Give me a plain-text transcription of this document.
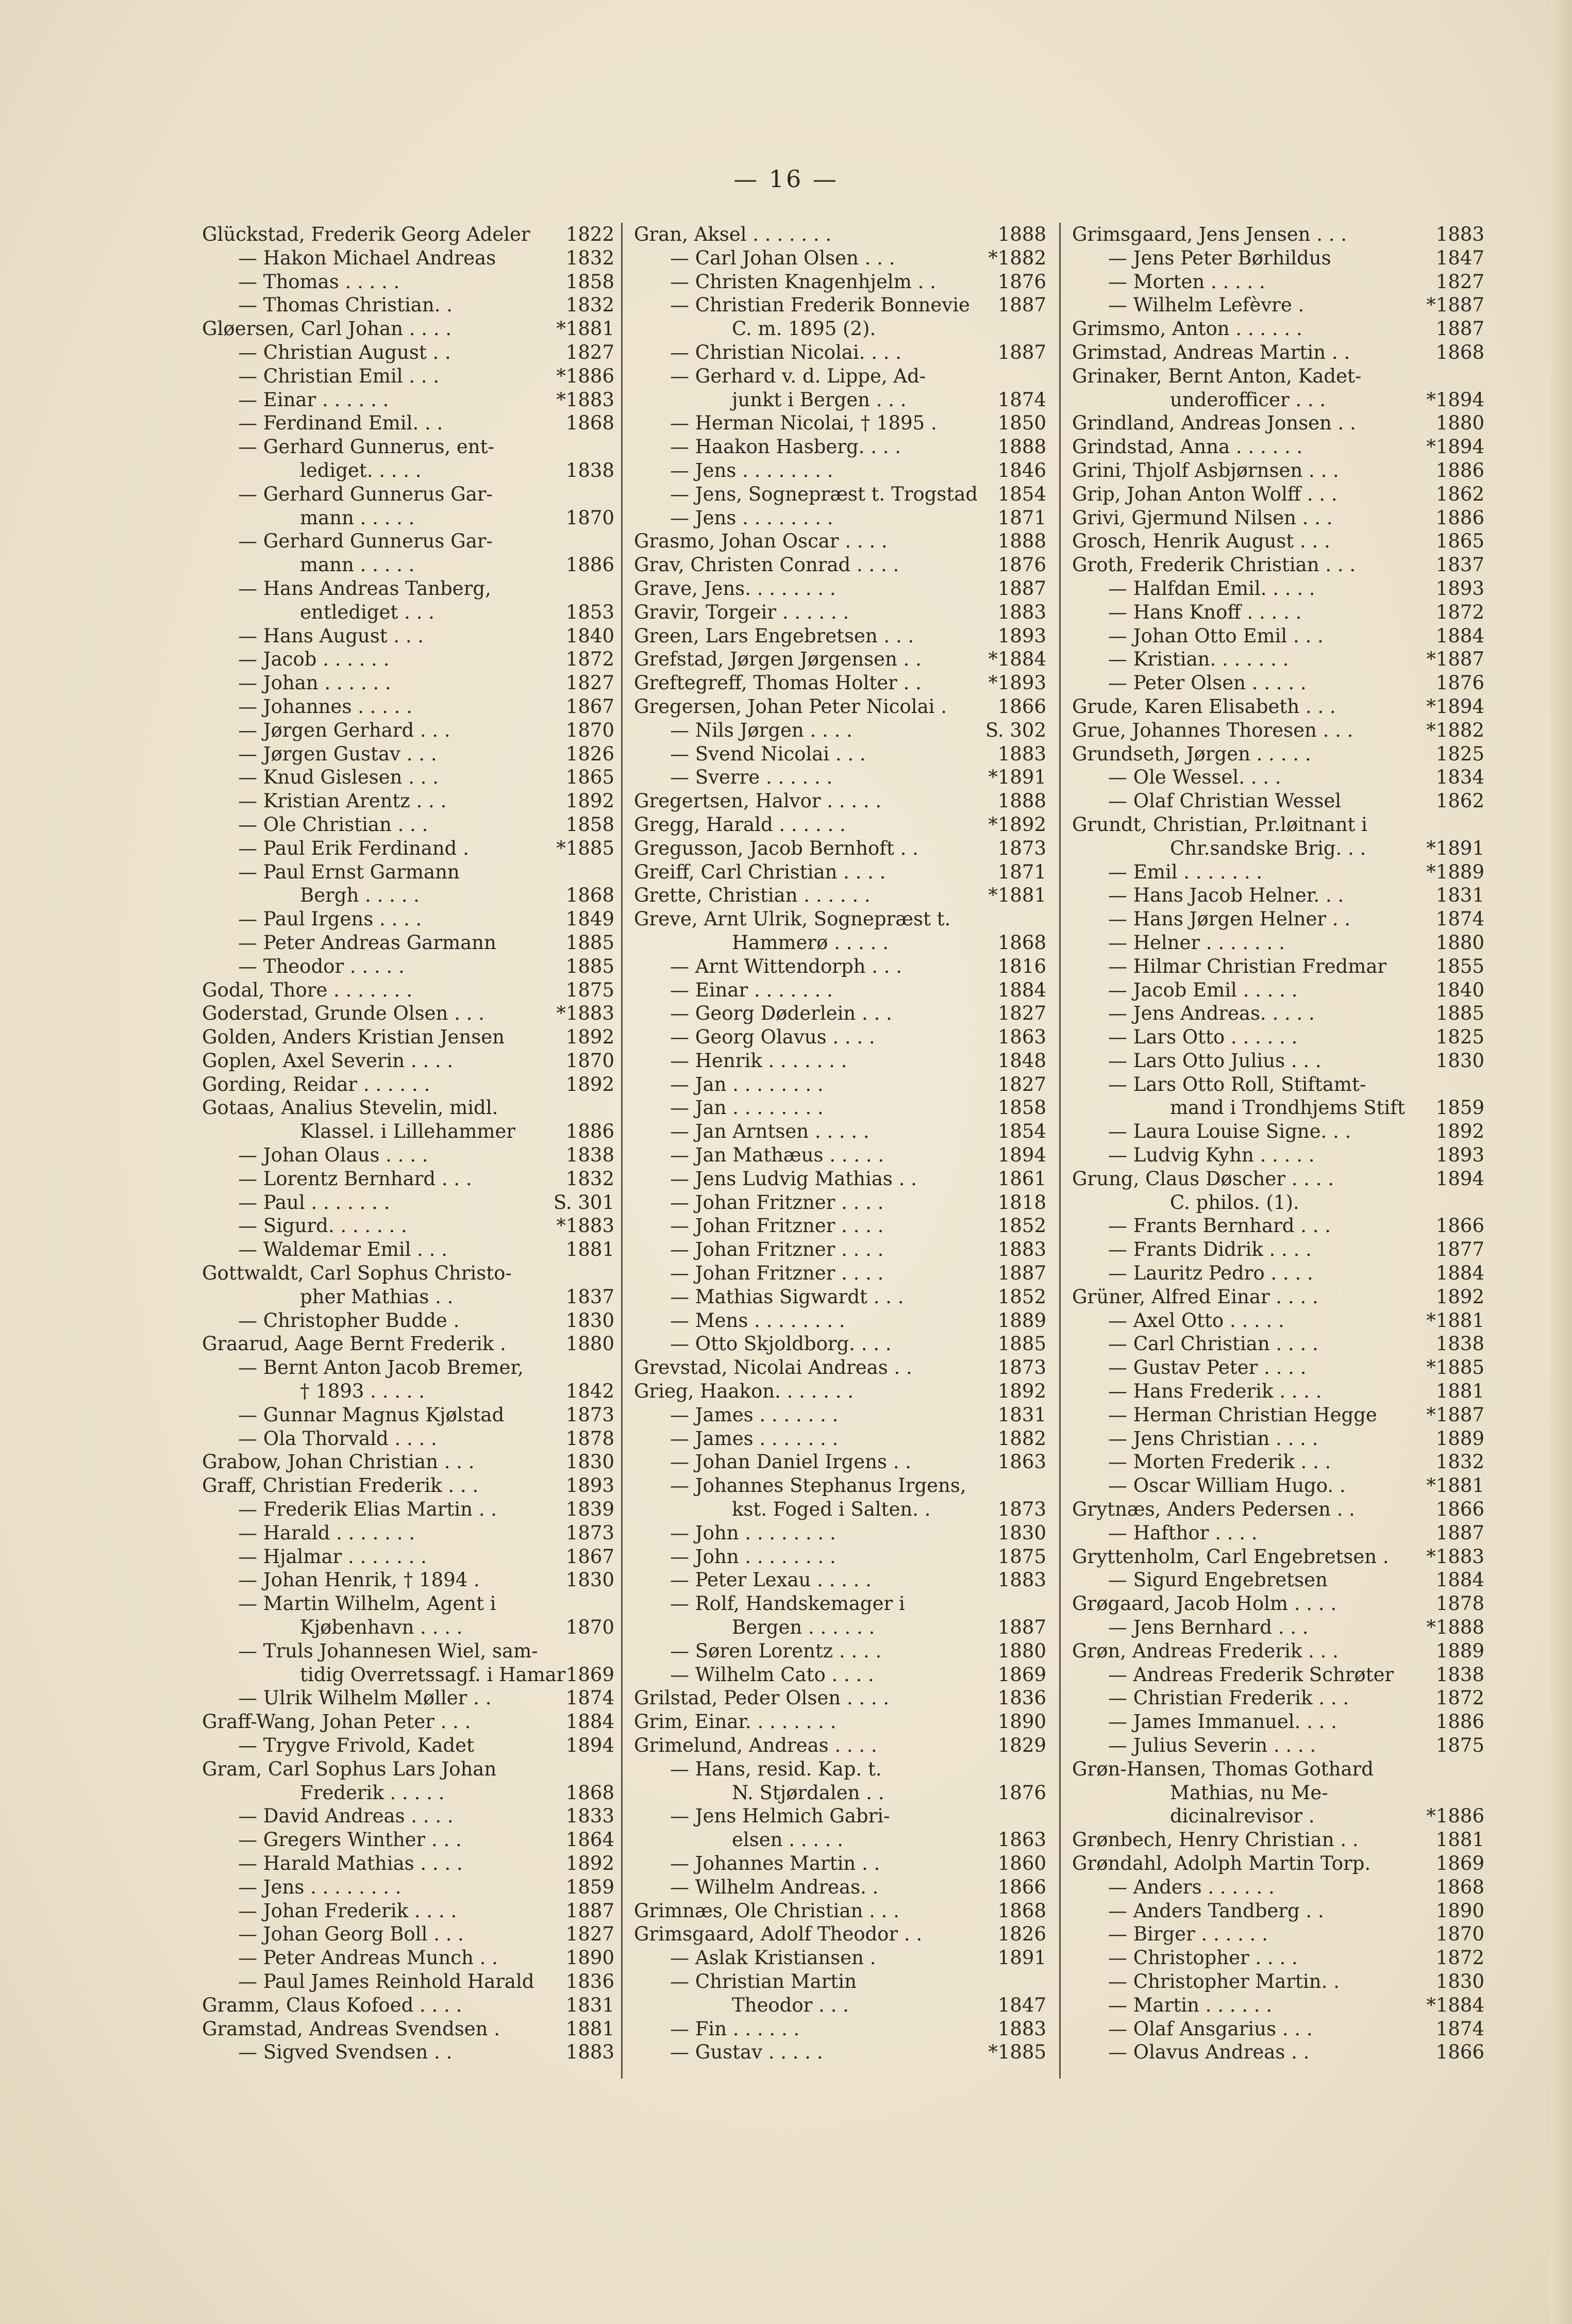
— 16 —
Glückstad, Frederik Georg Adeler 1822
— Hakon Michael Andreas	1832
— Thomas . . . . .	1858
— Thomas Christian. .	1832
Gløersen, Carl Johan . . . .	*1881
— Christian August . .	1827
— Christian Emil . . .	*1886
— Einar . . . . . .	*1883
— Ferdinand Emil. . .	1868
— Gerhard Gunnerus, ent-
lediget. . . . .	1838
— Gerhard Gunnerus Gar-
mann . . . . .	1870
— Gerhard Gunnerus Gar-
mann . . . . .	1886
— Hans Andreas Tanberg,
entlediget . . .	1853
— Hans August . . .	1840
— Jacob . . . . . .	1872
— Johan . . . . . .	1827
— Johannes . . . . .	1867
— Jørgen Gerhard . . .	1870
— Jørgen Gustav . . .	1826
— Knud Gislesen . . .	1865
— Kristian Arentz . . .	1892
— Ole Christian . . .	1858
— Paul Erik Ferdinand .	*1885
— Paul Ernst Garmann
Bergh . . . . .	1868
— Paul Irgens . . . .	1849
— Peter Andreas Garmann	1885
— Theodor . . . . .	1885
Godal, Thore . . . . . . .	1875
Goderstad, Grunde Olsen . . .	*1883
Golden, Anders Kristian Jensen	1892
Goplen, Axel Severin . . . .	1870
Gording, Reidar . . . . . .	1892
Gotaas, Analius Stevelin, midl.
Klassel. i Lillehammer	1886
— Johan Olaus . . . .	1838
— Lorentz Bernhard . . .	1832
— Paul . . . . . . .	S. 301
— Sigurd. . . . . . .	*1883
— Waldemar Emil . . .	1881
Gottwaldt, Carl Sophus Christo-
pher Mathias . .	1837
— Christopher Budde .	1830
Graarud, Aage Bernt Frederik .	1880
— Bernt Anton Jacob Bremer,
† 1893 . . . . .	1842
— Gunnar Magnus Kjølstad	1873
— Ola Thorvald . . . .	1878
Grabow, Johan Christian . . .	1830
Graff, Christian Frederik . . .	1893
— Frederik Elias Martin . .	1839
— Harald . . . . . . .	1873
— Hjalmar . . . . . . .	1867
— Johan Henrik, † 1894 .	1830
— Martin Wilhelm, Agent i
Kjøbenhavn . . . .	1870
— Truls Johannesen Wiel, sam-
tidig Overretssagf. i Hamar 1869
— Ulrik Wilhelm Møller . .	1874
Graff-Wang, Johan Peter . . .	1884
— Trygve Frivold, Kadet	1894
Gram, Carl Sophus Lars Johan
Frederik . . . . .	1868
— David Andreas . . . .	1833
— Gregers Winther . . .	1864
— Harald Mathias . . . .	1892
— Jens . . . . . . . .	1859
— Johan Frederik . . . .	1887
— Johan Georg Boll . . .	1827
— Peter Andreas Munch . .	1890
— Paul James Reinhold Harald 1836
Gramm, Claus Kofoed . . . .	1831
Gramstad, Andreas Svendsen .	1881
— Sigved Svendsen . .	1883
Gran, Aksel . . . . . . .	1888
— Carl Johan Olsen . . .	*1882
— Christen Knagenhjelm . .	1876
— Christian Frederik Bonnevie 1887
C. m. 1895 (2).
— Christian Nicolai. . . .	1887
— Gerhard v. d. Lippe, Ad-
junkt i Bergen . . .	1874
— Herman Nicolai, † 1895 .	1850
— Haakon Hasberg. . . .	1888
— Jens . . . . . . . .	1846
— Jens, Sognepræst t. Trogstad 1854
— Jens . . . . . . . .	1871
Grasmo, Johan Oscar . . . .	1888
Grav, Christen Conrad . . . .	1876
Grave, Jens. . . . . . . .	1887
Gravir, Torgeir . . . . . .	1883
Green, Lars Engebretsen . . .	1893
Grefstad, Jørgen Jørgensen . .	*1884
Greftegreff, Thomas Holter . .	*1893
Gregersen, Johan Peter Nicolai .	1866
— Nils Jørgen . . . .	S. 302
— Svend Nicolai . . .	1883
— Sverre . . . . . .	*1891
Gregertsen, Halvor . . . . .	1888
Gregg, Harald . . . . . .	*1892
Gregusson, Jacob Bernhoft . .	1873
Greiff, Carl Christian . . . .	1871
Grette, Christian . . . . . .	*1881
Greve, Arnt Ulrik, Sognepræst t.
Hammerø . . . . .	1868
— Arnt Wittendorph . . .	1816
— Einar . . . . . . .	1884
— Georg Døderlein . . .	1827
— Georg Olavus . . . .	1863
— Henrik . . . . . . .	1848
— Jan . . . . . . . .	1827
— Jan . . . . . . . .	1858
— Jan Arntsen . . . . .	1854
— Jan Mathæus . . . . .	1894
— Jens Ludvig Mathias . .	1861
— Johan Fritzner . . . .	1818
— Johan Fritzner . . . .	1852
— Johan Fritzner . . . .	1883
— Johan Fritzner . . . .	1887
— Mathias Sigwardt . . .	1852
— Mens . . . . . . . .	1889
— Otto Skjoldborg. . . .	1885
Grevstad, Nicolai Andreas . .	1873
Grieg, Haakon. . . . . . .	1892
— James . . . . . . .	1831
— James . . . . . . .	1882
— Johan Daniel Irgens . .	1863
— Johannes Stephanus Irgens,
kst. Foged i Salten. .	1873
— John . . . . . . . .	1830
— John . . . . . . . .	1875
— Peter Lexau . . . . .	1883
— Rolf, Handskemager i
Bergen . . . . . .	1887
— Søren Lorentz . . . .	1880
— Wilhelm Cato . . . .	1869
Grilstad, Peder Olsen . . . .	1836
Grim, Einar. . . . . . . .	1890
Grimelund, Andreas . . . .	1829
— Hans, resid. Kap. t.
N. Stjørdalen . .	1876
— Jens Helmich Gabri-
elsen . . . . .	1863
— Johannes Martin . .	1860
— Wilhelm Andreas. .	1866
Grimnæs, Ole Christian . . .	1868
Grimsgaard, Adolf Theodor . .	1826
— Aslak Kristiansen .	1891
— Christian Martin
Theodor . . .	1847
— Fin . . . . . .	1883
— Gustav . . . . .	*1885
Grimsgaard, Jens Jensen . . .	1883
— Jens Peter Børhildus	1847
— Morten . . . . .	1827
— Wilhelm Lefèvre .	*1887
Grimsmo, Anton . . . . . .	1887
Grimstad, Andreas Martin . .	1868
Grinaker, Bernt Anton, Kadet-
underofficer . . .	*1894
Grindland, Andreas Jonsen . .	1880
Grindstad, Anna . . . . . .	*1894
Grini, Thjolf Asbjørnsen . . .	1886
Grip, Johan Anton Wolff . . .	1862
Grivi, Gjermund Nilsen . . .	1886
Grosch, Henrik August . . .	1865
Groth, Frederik Christian . . .	1837
— Halfdan Emil. . . . .	1893
— Hans Knoff . . . . .	1872
— Johan Otto Emil . . .	1884
— Kristian. . . . . . .	*1887
— Peter Olsen . . . . .	1876
Grude, Karen Elisabeth . . .	*1894
Grue, Johannes Thoresen . . .	*1882
Grundseth, Jørgen . . . . .	1825
— Ole Wessel. . . .	1834
— Olaf Christian Wessel	1862
Grundt, Christian, Pr.løitnant i
Chr.sandske Brig. . .	*1891
— Emil . . . . . . .	*1889
— Hans Jacob Helner. . .	1831
— Hans Jørgen Helner . .	1874
— Helner . . . . . . .	1880
— Hilmar Christian Fredmar	1855
— Jacob Emil . . . . .	1840
— Jens Andreas. . . . .	1885
— Lars Otto . . . . . .	1825
— Lars Otto Julius . . .	1830
— Lars Otto Roll, Stiftamt-
mand i Trondhjems Stift 1859
— Laura Louise Signe. . .	1892
— Ludvig Kyhn . . . . .	1893
Grung, Claus Døscher . . . .	1894
C. philos. (1).
— Frants Bernhard . . .	1866
— Frants Didrik . . . .	1877
— Lauritz Pedro . . . .	1884
Grüner, Alfred Einar . . . .	1892
— Axel Otto . . . . .	*1881
— Carl Christian . . . .	1838
— Gustav Peter . . . .	*1885
— Hans Frederik . . . .	1881
— Herman Christian Hegge	*1887
— Jens Christian . . . .	1889
— Morten Frederik . . .	1832
— Oscar William Hugo. .	*1881
Grytnæs, Anders Pedersen . .	1866
— Hafthor . . . .	1887
Gryttenholm, Carl Engebretsen . *1883
— Sigurd Engebretsen	1884
Grøgaard, Jacob Holm . . . .	1878
— Jens Bernhard . . .	*1888
Grøn, Andreas Frederik . . .	1889
— Andreas Frederik Schrøter 1838
— Christian Frederik . . .	1872
— James Immanuel. . . .	1886
— Julius Severin . . . .	1875
Grøn-Hansen, Thomas Gothard
Mathias, nu Me-
dicinalrevisor .	*1886
Grønbech, Henry Christian . .	1881
Grøndahl, Adolph Martin Torp.	1869
— Anders . . . . . .	1868
— Anders Tandberg . .	1890
— Birger . . . . . .	1870
— Christopher . . . .	1872
— Christopher Martin. .	1830
— Martin . . . . . .	*1884
— Olaf Ansgarius . . .	1874
— Olavus Andreas . .	1866
